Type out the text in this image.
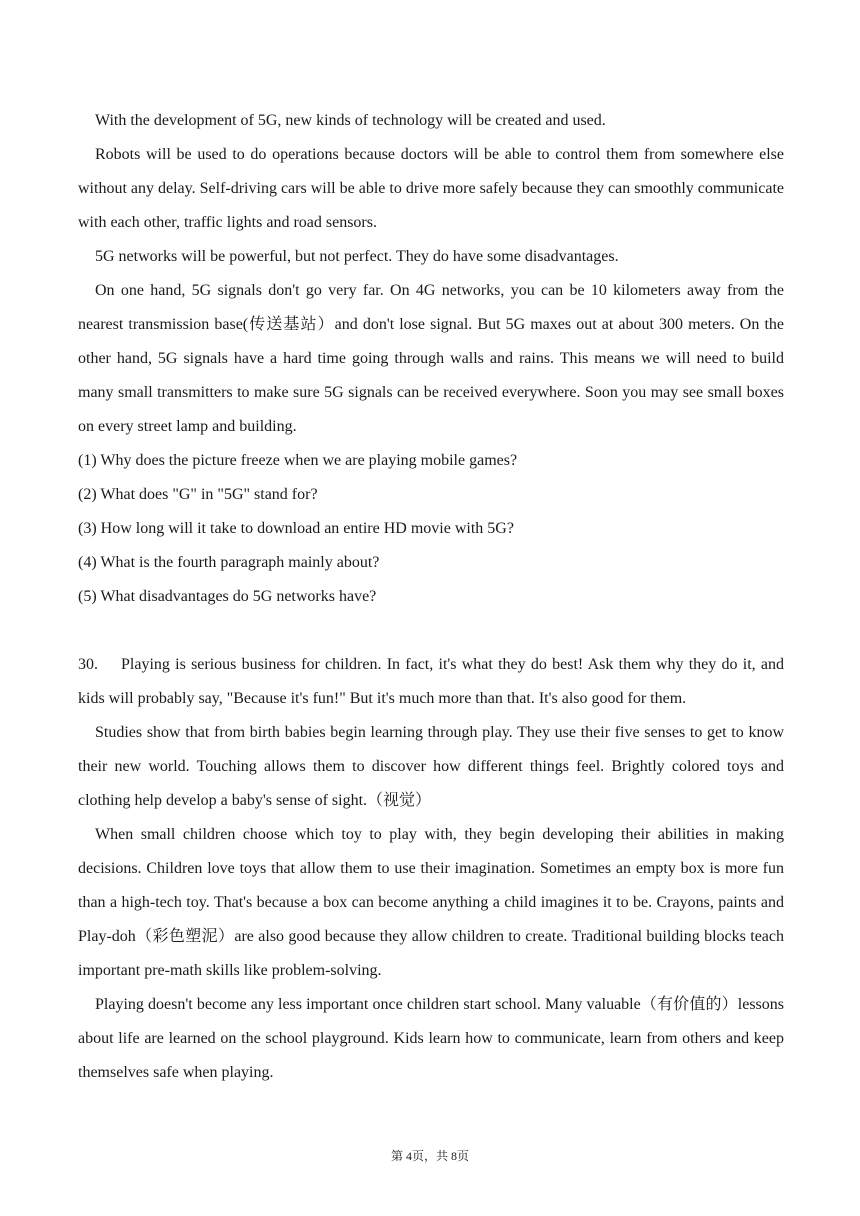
With the development of 5G, new kinds of technology will be created and used.

Robots will be used to do operations because doctors will be able to control them from somewhere else without any delay. Self-driving cars will be able to drive more safely because they can smoothly communicate with each other, traffic lights and road sensors.

5G networks will be powerful, but not perfect. They do have some disadvantages.

On one hand, 5G signals don't go very far. On 4G networks, you can be 10 kilometers away from the nearest transmission base(传送基站）and don't lose signal. But 5G maxes out at about 300 meters. On the other hand, 5G signals have a hard time going through walls and rains. This means we will need to build many small transmitters to make sure 5G signals can be received everywhere. Soon you may see small boxes on every street lamp and building.

(1) Why does the picture freeze when we are playing mobile games?

(2) What does "G" in "5G" stand for?

(3) How long will it take to download an entire HD movie with 5G?

(4) What is the fourth paragraph mainly about?

(5) What disadvantages do 5G networks have?

30. Playing is serious business for children. In fact, it's what they do best! Ask them why they do it, and kids will probably say, "Because it's fun!" But it's much more than that. It's also good for them.

Studies show that from birth babies begin learning through play. They use their five senses to get to know their new world. Touching allows them to discover how different things feel. Brightly colored toys and clothing help develop a baby's sense of sight.（视觉）

When small children choose which toy to play with, they begin developing their abilities in making decisions. Children love toys that allow them to use their imagination. Sometimes an empty box is more fun than a high-tech toy. That's because a box can become anything a child imagines it to be. Crayons, paints and Play-doh（彩色塑泥）are also good because they allow children to create. Traditional building blocks teach important pre-math skills like problem-solving.

Playing doesn't become any less important once children start school. Many valuable（有价值的）lessons about life are learned on the school playground. Kids learn how to communicate, learn from others and keep themselves safe when playing.

第 4页，共 8页
